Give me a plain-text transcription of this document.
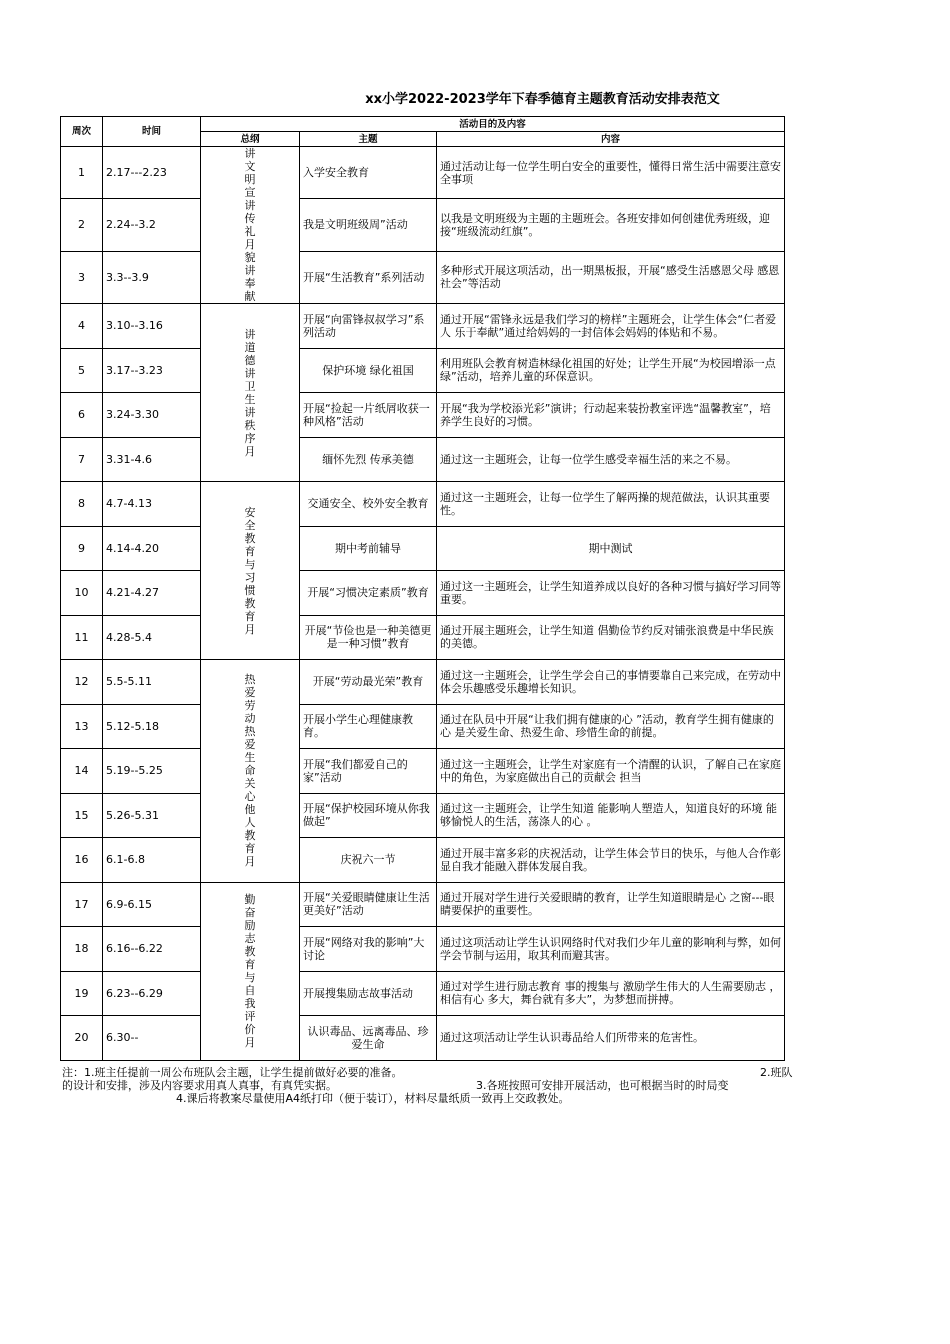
xx小学2022-2023学年下春季德育主题教育活动安排表范文
周次	时间	活动目的及内容		
		总纲	主题	内容
1	2.17---2.23	讲文明宣讲传礼月貌讲奉献	入学安全教育	通过活动让每一位学生明白安全的重要性，懂得日常生活中需要注意安全事项
2	2.24--3.2		我是文明班级周”活动	以我是文明班级为主题的主题班会。各班安排如何创建优秀班级，迎接“班级流动红旗”。
3	3.3--3.9		开展“生活教育”系列活动	多种形式开展这项活动，出一期黑板报，开展“感受生活感恩父母 感恩社会”等活动
4	3.10--3.16	讲道德讲卫生讲秩序月	开展“向雷锋叔叔学习”系列活动	通过开展“雷锋永远是我们学习的榜样”主题班会，让学生体会“仁者爱人 乐于奉献”通过给妈妈的一封信体会妈妈的体贴和不易。
5	3.17--3.23		保护环境 绿化祖国	利用班队会教育树造林绿化祖国的好处；让学生开展“为校园增添一点绿”活动，培养儿童的环保意识。
6	3.24-3.30		开展“捡起一片纸屑收获一种风格”活动	开展“我为学校添光彩”演讲；行动起来装扮教室评选“温馨教室”，培养学生良好的习惯。
7	3.31-4.6		缅怀先烈 传承美德	通过这一主题班会，让每一位学生感受幸福生活的来之不易。
8	4.7-4.13	安全教育与习惯教育月	交通安全、校外安全教育	通过这一主题班会，让每一位学生了解两操的规范做法，认识其重要性。
9	4.14-4.20		期中考前辅导	期中测试
10	4.21-4.27		开展“习惯决定素质”教育	通过这一主题班会，让学生知道养成以良好的各种习惯与搞好学习同等重要。
11	4.28-5.4		开展“节俭也是一种美德更是一种习惯”教育	通过开展主题班会，让学生知道 倡勤俭节约反对铺张浪费是中华民族的美德。
12	5.5-5.11	热爱劳动热爱生命关心他人教育月	开展“劳动最光荣”教育	通过这一主题班会，让学生学会自己的事情要靠自己来完成，在劳动中体会乐趣感受乐趣增长知识。
13	5.12-5.18		开展小学生心理健康教育。	通过在队员中开展“让我们拥有健康的心 ”活动，教育学生拥有健康的心 是关爱生命、热爱生命、珍惜生命的前提。
14	5.19--5.25		开展“我们都爱自己的家”活动	通过这一主题班会，让学生对家庭有一个清醒的认识，了解自己在家庭中的角色，为家庭做出自己的贡献会 担当
15	5.26-5.31		开展“保护校园环境从你我做起”	通过这一主题班会，让学生知道 能影响人塑造人，知道良好的环境 能够愉悦人的生活，荡涤人的心 。
16	6.1-6.8		庆祝六一节	通过开展丰富多彩的庆祝活动，让学生体会节日的快乐，与他人合作彰显自我才能融入群体发展自我。
17	6.9-6.15	勤奋励志教育与自我评价月	开展“关爱眼睛健康让生活更美好”活动	通过开展对学生进行关爱眼睛的教育，让学生知道眼睛是心 之窗---眼睛要保护的重要性。
18	6.16--6.22		开展“网络对我的影响”大讨论	通过这项活动让学生认识网络时代对我们少年儿童的影响利与弊，如何学会节制与运用，取其利而避其害。
19	6.23--6.29		开展搜集励志故事活动	通过对学生进行励志教育 事的搜集与 激励学生伟大的人生需要励志 ，相信有心 多大，舞台就有多大”，为梦想而拼搏。
20	6.30--		认识毒品、远离毒品、珍爱生命	通过这项活动让学生认识毒品给人们所带来的危害性。
注：1.班主任提前一周公布班队会主题，让学生提前做好必要的准备。	2.班队
的设计和安排，涉及内容要求用真人真事，有真凭实据。	3.各班按照可安排开展活动，也可根据当时的时局变
4.课后将教案尽量使用A4纸打印（便于装订），材料尽量纸质一致再上交政教处。
